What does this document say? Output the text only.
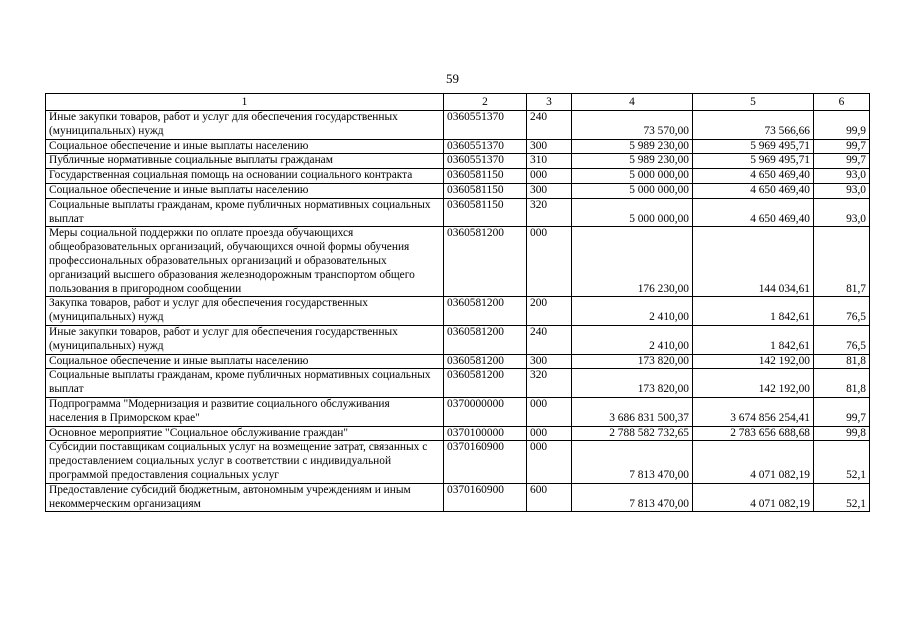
59
1	2	3	4	5	6
Иные закупки товаров, работ и услуг для обеспечения государственных (муниципальных) нужд	0360551370	240	73 570,00	73 566,66	99,9
Социальное обеспечение и иные выплаты населению	0360551370	300	5 989 230,00	5 969 495,71	99,7
Публичные нормативные социальные выплаты гражданам	0360551370	310	5 989 230,00	5 969 495,71	99,7
Государственная социальная помощь на основании социального контракта	0360581150	000	5 000 000,00	4 650 469,40	93,0
Социальное обеспечение и иные выплаты населению	0360581150	300	5 000 000,00	4 650 469,40	93,0
Социальные выплаты гражданам, кроме публичных нормативных социальных выплат	0360581150	320	5 000 000,00	4 650 469,40	93,0
Меры социальной поддержки по оплате проезда обучающихся общеобразовательных организаций, обучающихся очной формы обучения профессиональных образовательных организаций и образовательных организаций высшего образования железнодорожным транспортом общего пользования в пригородном сообщении	0360581200	000	176 230,00	144 034,61	81,7
Закупка товаров, работ и услуг для обеспечения государственных (муниципальных) нужд	0360581200	200	2 410,00	1 842,61	76,5
Иные закупки товаров, работ и услуг для обеспечения государственных (муниципальных) нужд	0360581200	240	2 410,00	1 842,61	76,5
Социальное обеспечение и иные выплаты населению	0360581200	300	173 820,00	142 192,00	81,8
Социальные выплаты гражданам, кроме публичных нормативных социальных выплат	0360581200	320	173 820,00	142 192,00	81,8
Подпрограмма "Модернизация и развитие социального обслуживания населения в Приморском крае"	0370000000	000	3 686 831 500,37	3 674 856 254,41	99,7
Основное мероприятие "Социальное обслуживание граждан"	0370100000	000	2 788 582 732,65	2 783 656 688,68	99,8
Субсидии поставщикам социальных услуг на возмещение затрат, связанных с предоставлением социальных услуг в соответствии с индивидуальной программой предоставления социальных услуг	0370160900	000	7 813 470,00	4 071 082,19	52,1
Предоставление субсидий бюджетным, автономным учреждениям и иным некоммерческим организациям	0370160900	600	7 813 470,00	4 071 082,19	52,1
